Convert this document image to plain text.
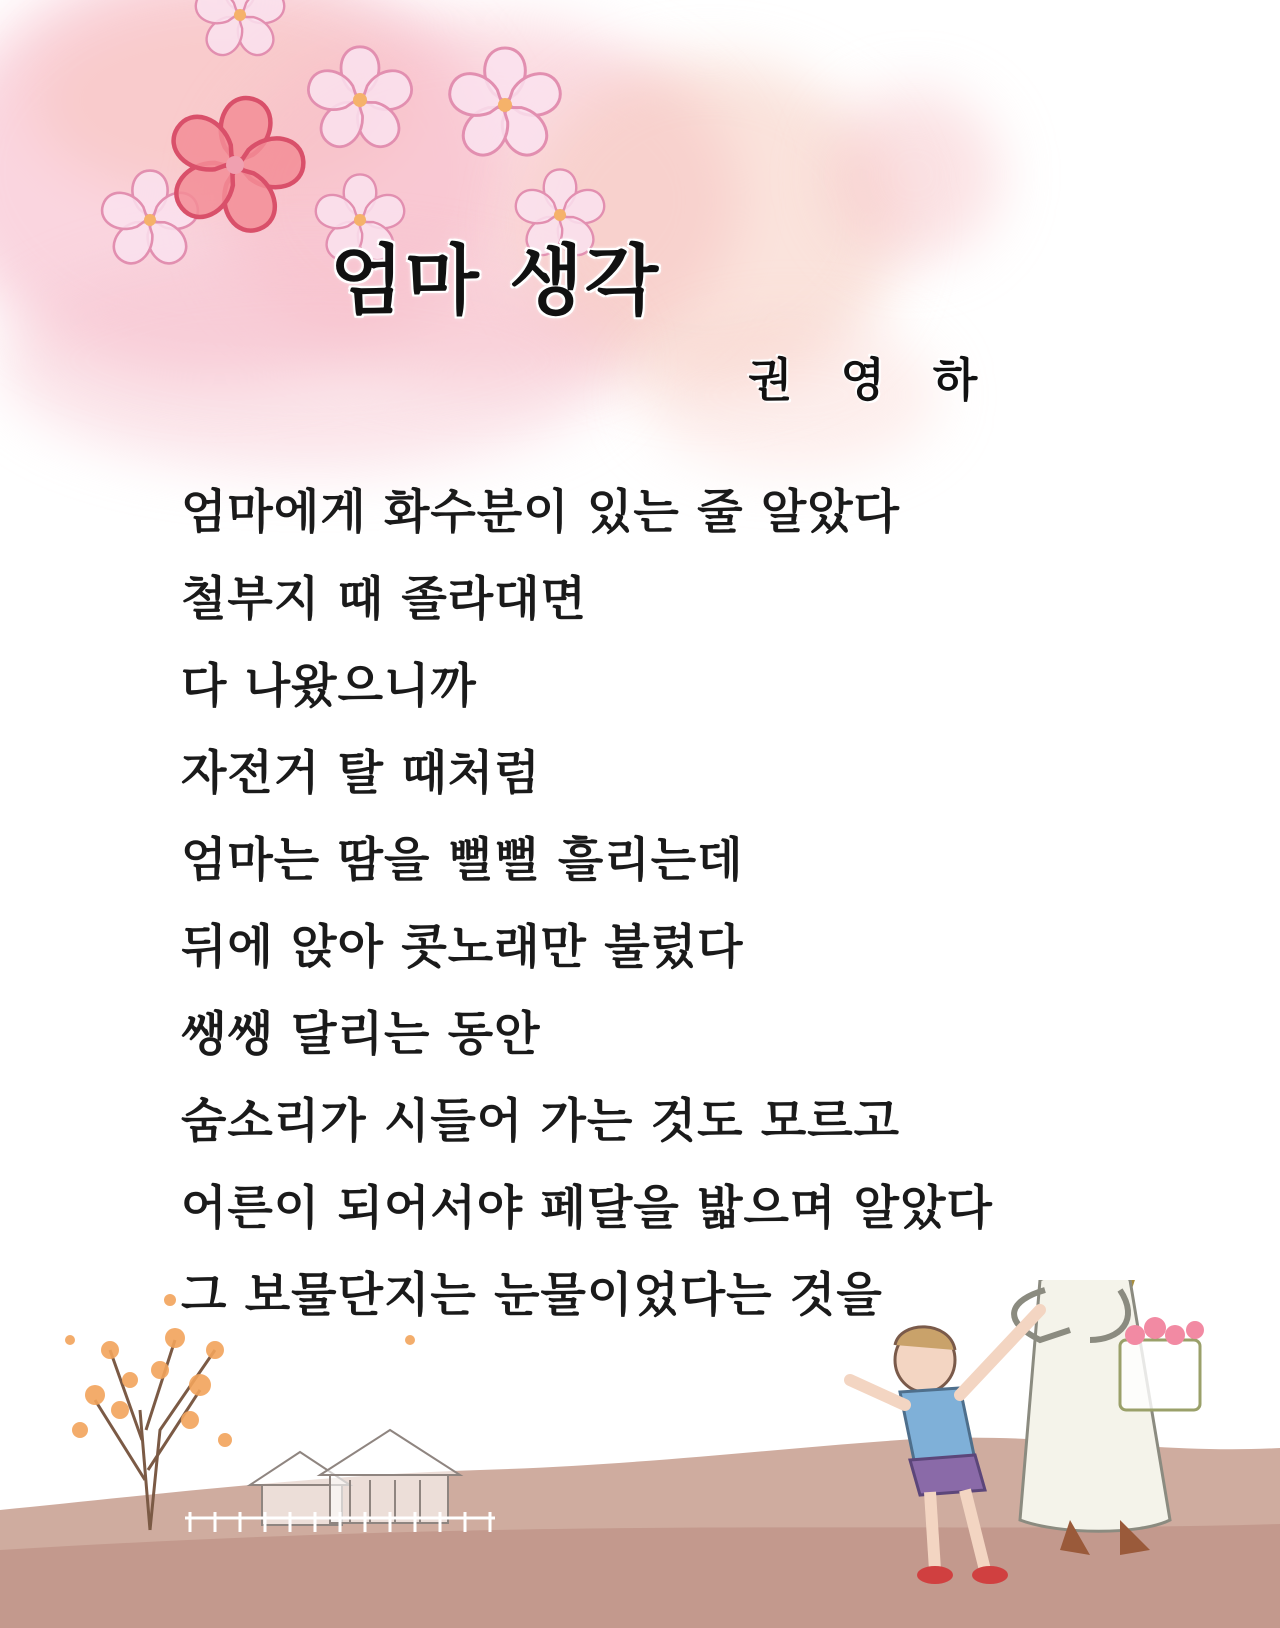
엄마 생각
권 영 하
엄마에게 화수분이 있는 줄 알았다
철부지 때 졸라대면
다 나왔으니까
자전거 탈 때처럼
엄마는 땀을 뻘뻘 흘리는데
뒤에 앉아 콧노래만 불렀다
쌩쌩 달리는 동안
숨소리가 시들어 가는 것도 모르고
어른이 되어서야 페달을 밟으며 알았다
그 보물단지는 눈물이었다는 것을
